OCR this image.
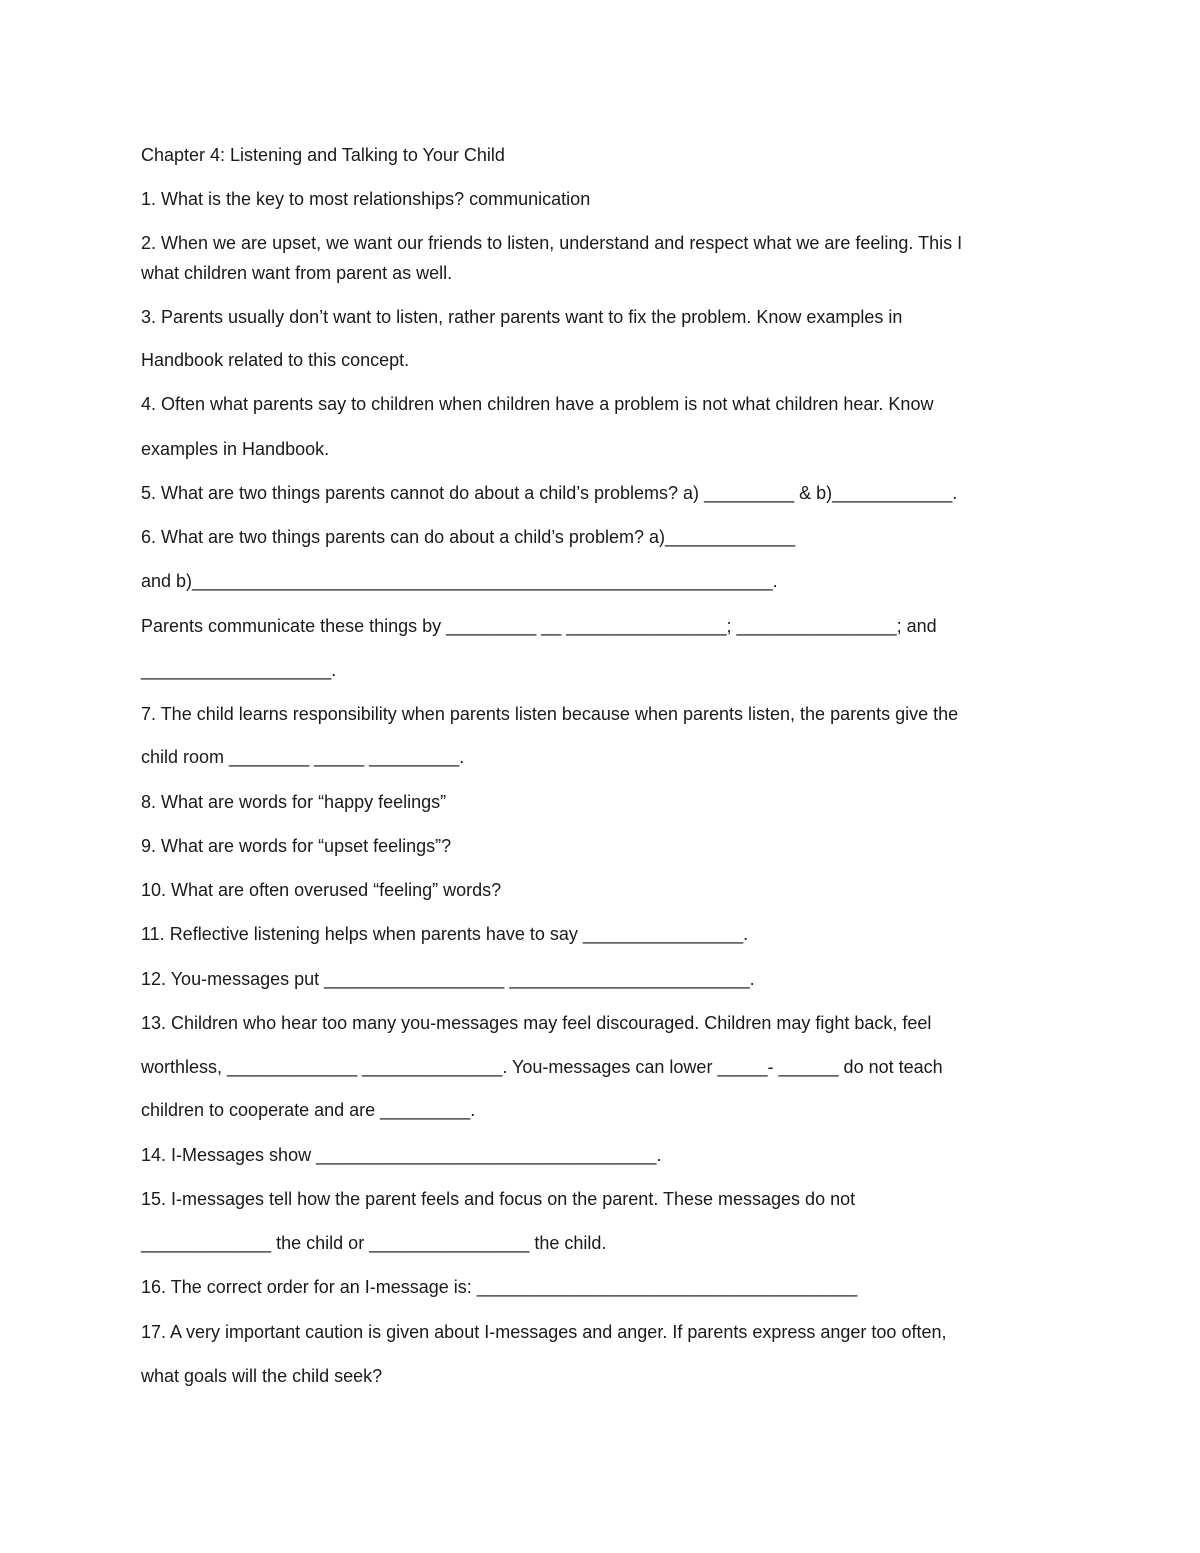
Chapter 4: Listening and Talking to Your Child
1. What is the key to most relationships? communication
2. When we are upset, we want our friends to listen, understand and respect what we are feeling. This I
what children want from parent as well.
3. Parents usually don’t want to listen, rather parents want to fix the problem. Know examples in
Handbook related to this concept.
4. Often what parents say to children when children have a problem is not what children hear. Know
examples in Handbook.
5. What are two things parents cannot do about a child’s problems? a) _________ & b)____________.
6. What are two things parents can do about a child’s problem? a)_____________
and b)__________________________________________________________.
Parents communicate these things by _________ __ ________________; ________________; and
___________________.
7. The child learns responsibility when parents listen because when parents listen, the parents give the
child room ________ _____ _________.
8. What are words for “happy feelings”
9. What are words for “upset feelings”?
10. What are often overused “feeling” words?
11. Reflective listening helps when parents have to say ________________.
12. You-messages put __________________ ________________________.
13. Children who hear too many you-messages may feel discouraged. Children may fight back, feel
worthless, _____________ ______________. You-messages can lower _____- ______ do not teach
children to cooperate and are _________.
14. I-Messages show __________________________________.
15. I-messages tell how the parent feels and focus on the parent. These messages do not
_____________ the child or ________________ the child.
16. The correct order for an I-message is: ______________________________________
17. A very important caution is given about I-messages and anger. If parents express anger too often,
what goals will the child seek?
